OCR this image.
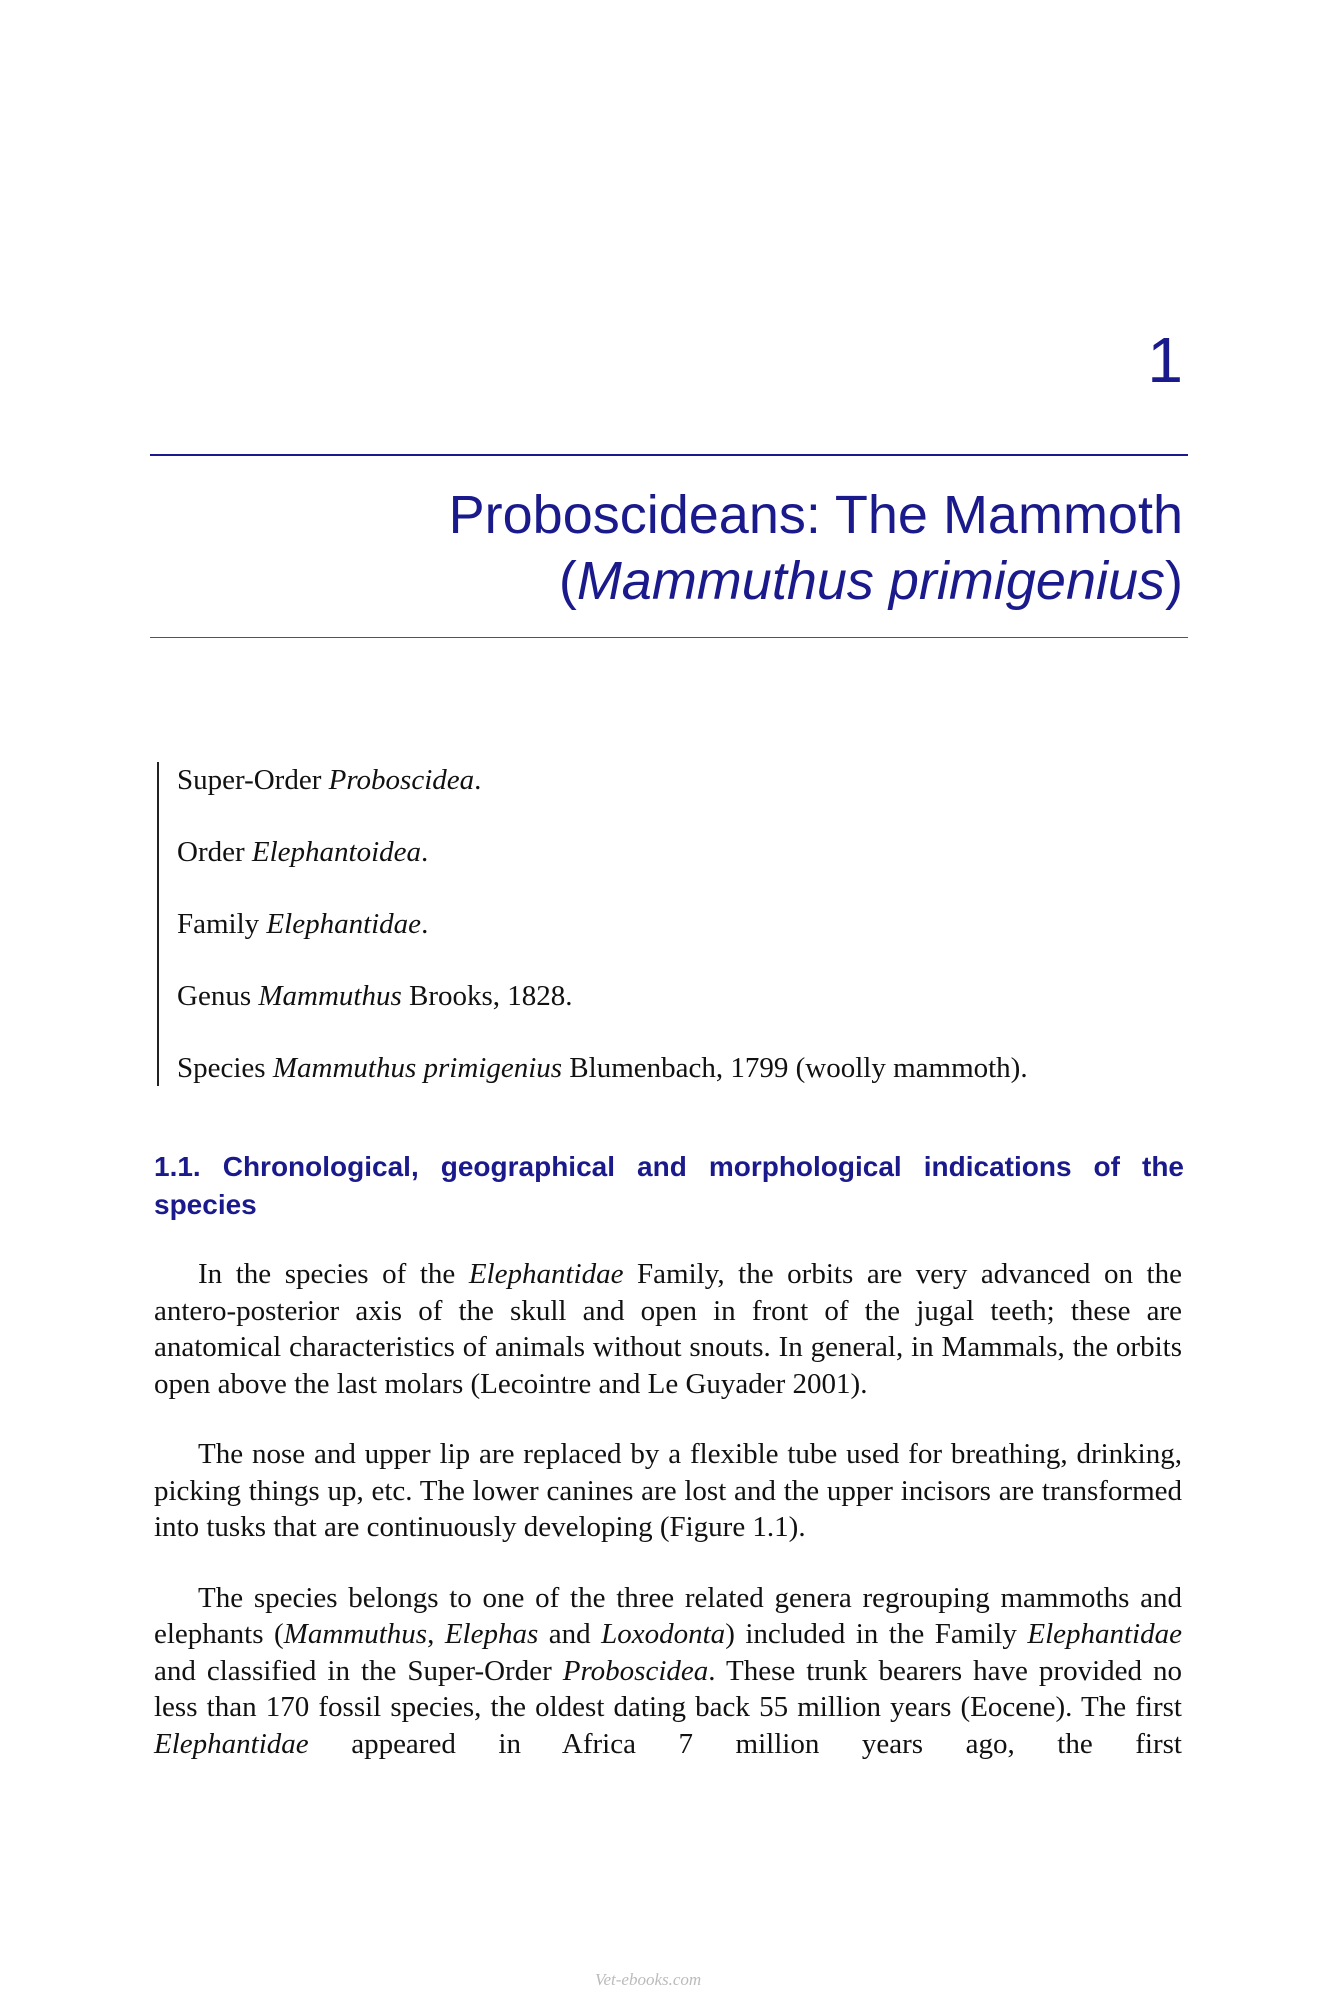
1
Proboscideans: The Mammoth
(Mammuthus primigenius)

Super-Order Proboscidea.

Order Elephantoidea.

Family Elephantidae.

Genus Mammuthus Brooks, 1828.

Species Mammuthus primigenius Blumenbach, 1799 (woolly mammoth).

1.1. Chronological, geographical and morphological indications of the species

In the species of the Elephantidae Family, the orbits are very advanced on the antero-posterior axis of the skull and open in front of the jugal teeth; these are anatomical characteristics of animals without snouts. In general, in Mammals, the orbits open above the last molars (Lecointre and Le Guyader 2001).

The nose and upper lip are replaced by a flexible tube used for breathing, drinking, picking things up, etc. The lower canines are lost and the upper incisors are transformed into tusks that are continuously developing (Figure 1.1).

The species belongs to one of the three related genera regrouping mammoths and elephants (Mammuthus, Elephas and Loxodonta) included in the Family Elephantidae and classified in the Super-Order Proboscidea. These trunk bearers have provided no less than 170 fossil species, the oldest dating back 55 million years (Eocene). The first Elephantidae appeared in Africa 7 million years ago, the first

Vet-ebooks.com
